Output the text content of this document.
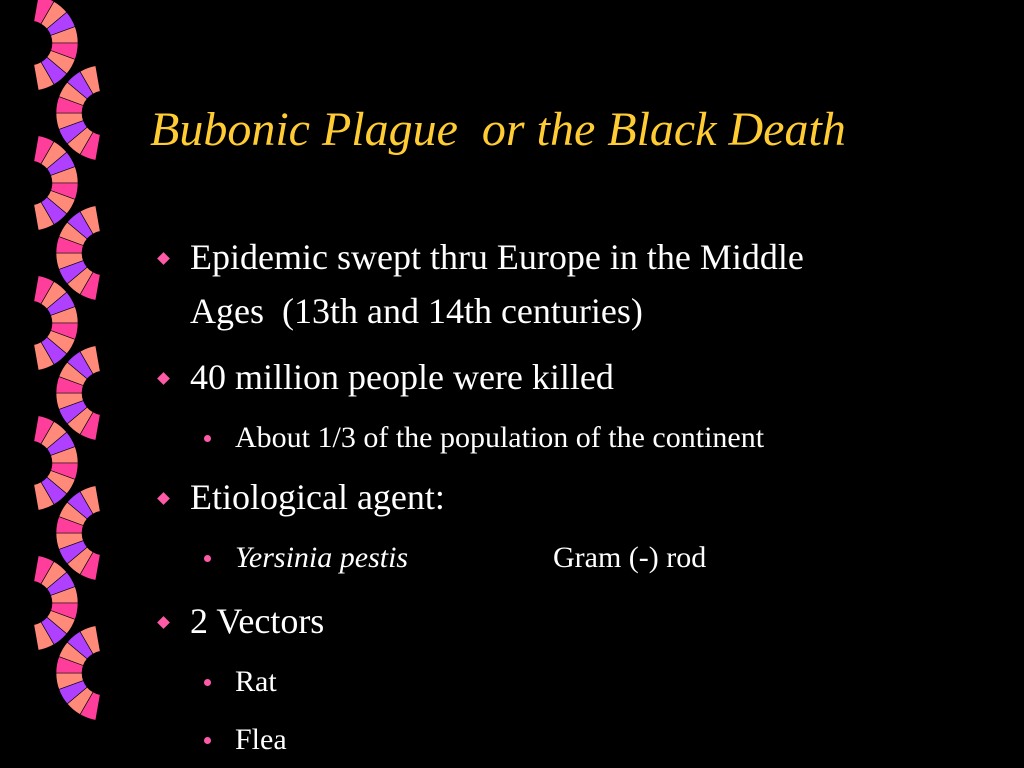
Bubonic Plague  or the Black Death
Epidemic swept thru Europe in the Middle
Ages  (13th and 14th centuries)
40 million people were killed
About 1/3 of the population of the continent
Etiological agent:
Yersinia pestis	Gram (-) rod
2 Vectors
Rat
Flea
